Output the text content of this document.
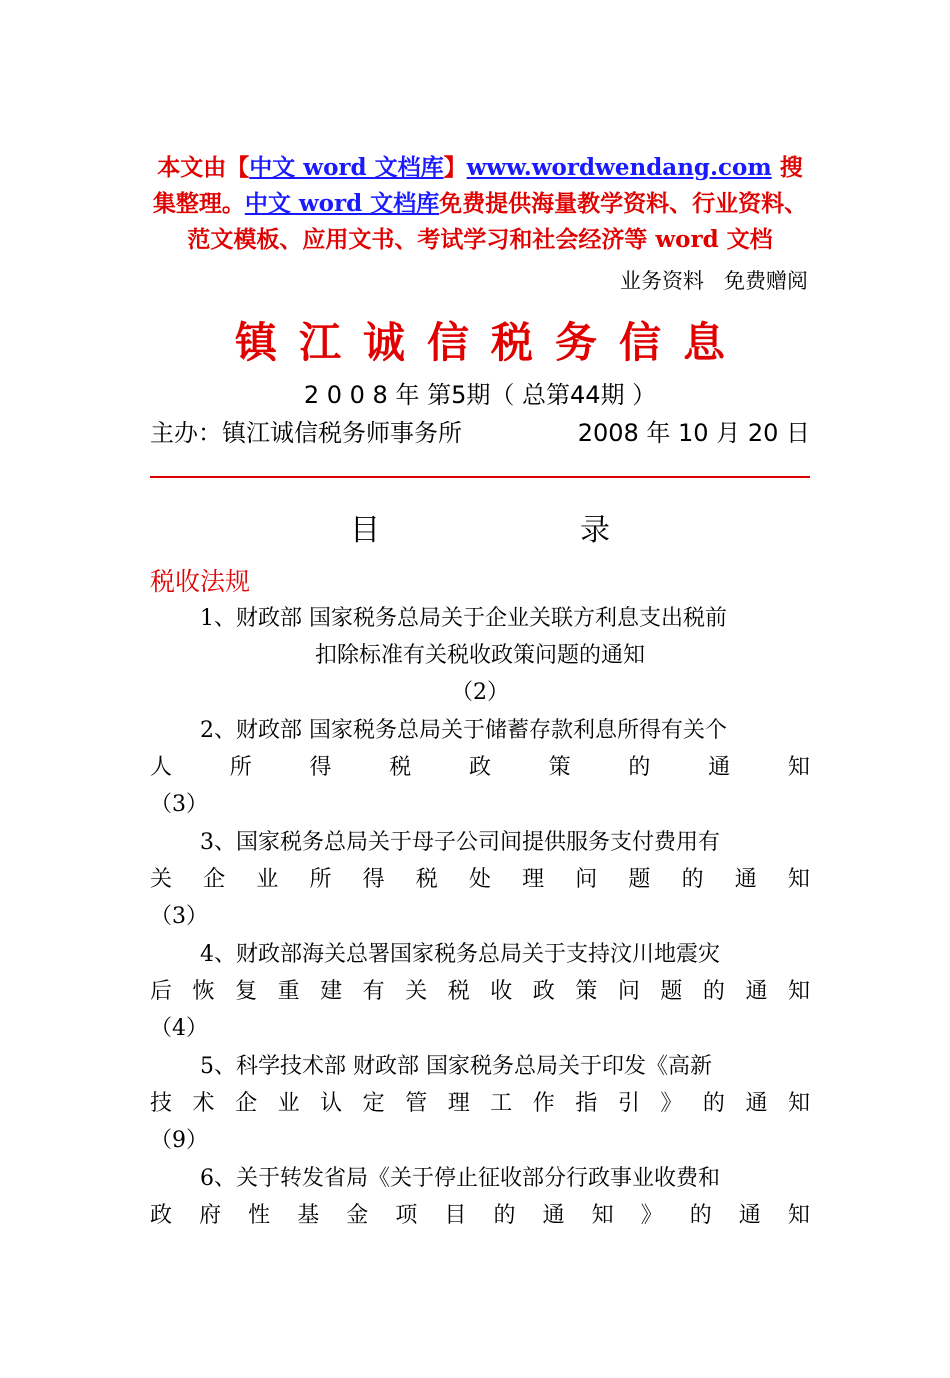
本文由【中文 word 文档库】www.wordwendang.com 搜集整理。中文 word 文档库免费提供海量教学资料、行业资料、范文模板、应用文书、考试学习和社会经济等 word 文档
业务资料   免费赠阅
镇江诚信税务信息
2 0 0 8 年 第5期（ 总第44期 ）
主办：镇江诚信税务师事务所	2008 年 10 月 20 日
目	录
税收法规
1、财政部 国家税务总局关于企业关联方利息支出税前
扣除标准有关税收政策问题的通知
（2）
2、财政部 国家税务总局关于储蓄存款利息所得有关个
人	所	得	税	政	策	的	通	知
（3）
3、国家税务总局关于母子公司间提供服务支付费用有
关 企 业 所 得 税 处 理 问 题 的 通 知
（3）
4、财政部海关总署国家税务总局关于支持汶川地震灾
后 恢 复 重 建 有 关 税 收 政 策 问 题 的 通 知
（4）
5、科学技术部 财政部 国家税务总局关于印发《高新
技 术 企 业 认 定 管 理 工 作 指 引 》 的 通 知
（9）
6、关于转发省局《关于停止征收部分行政事业收费和
政 府 性 基 金 项 目 的 通 知 》 的 通 知
